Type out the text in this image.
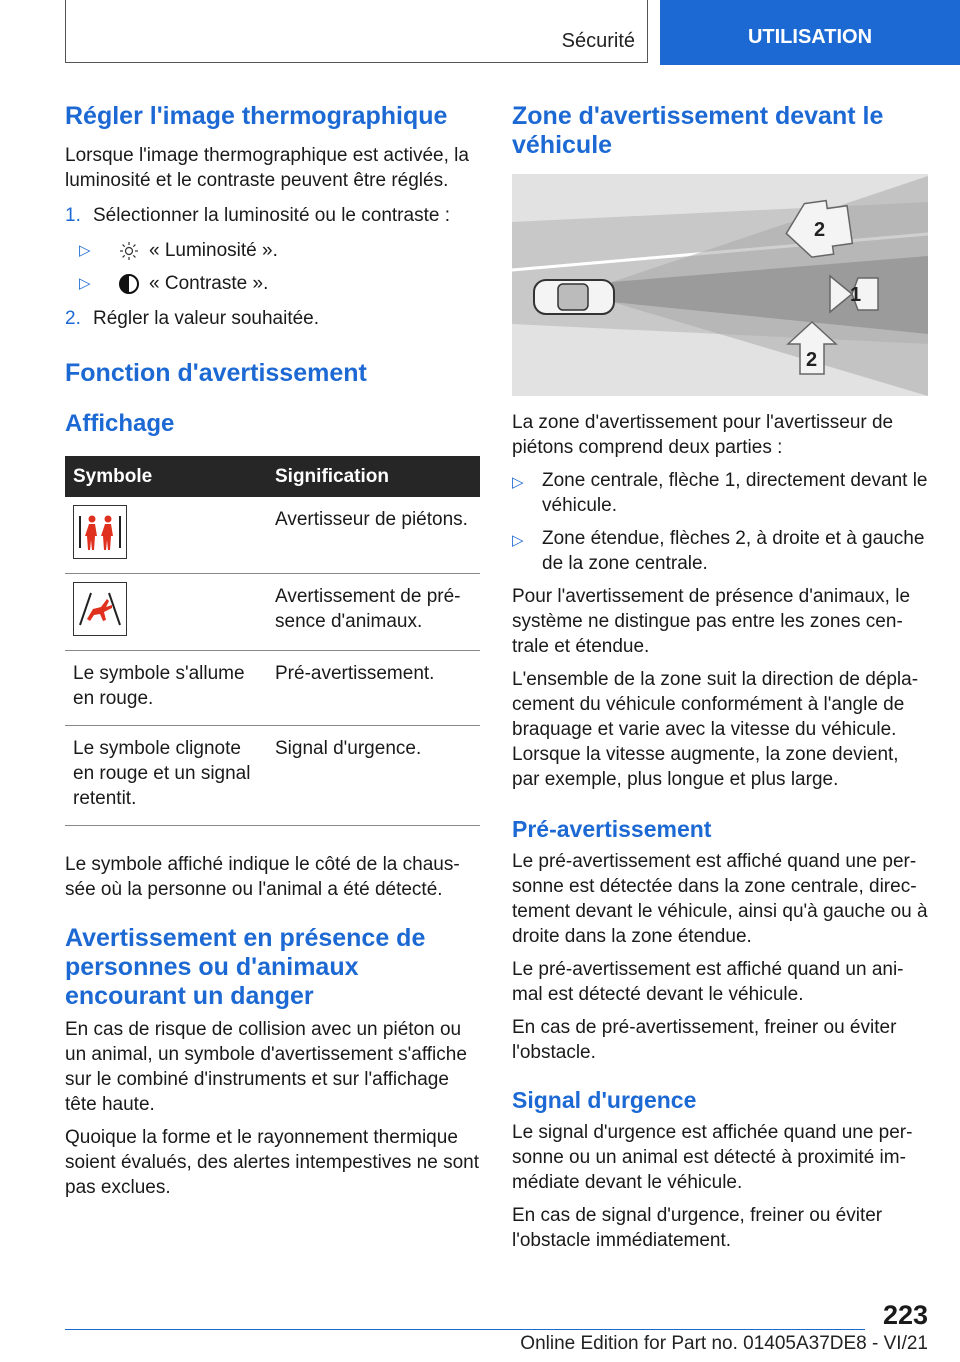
Sécurité	UTILISATION
Régler l'image thermographique

Lorsque l'image thermographique est activée, la luminosité et le contraste peuvent être réglés.

1. Sélectionner la luminosité ou le contraste :
▷	« Luminosité ».
▷	« Contraste ».
2. Régler la valeur souhaitée.
Fonction d'avertissement
Affichage
Symbole	Signification

	Avertisseur de piétons.

	Avertissement de pré- sence d'animaux.
Le symbole s'allume en rouge.	Pré-avertissement.
Le symbole clignote en rouge et un signal retentit.	Signal d'urgence.

Le symbole affiché indique le côté de la chaus- sée où la personne ou l'animal a été détecté.

Avertissement en présence de personnes ou d'animaux encourant un danger

En cas de risque de collision avec un piéton ou un animal, un symbole d'avertissement s'affiche sur le combiné d'instruments et sur l'affichage tête haute.

Quoique la forme et le rayonnement thermique soient évalués, des alertes intempestives ne sont pas exclues.

Zone d'avertissement devant le véhicule
2
1
2

La zone d'avertissement pour l'avertisseur de piétons comprend deux parties :

▷ Zone centrale, flèche 1, directement devant le véhicule.
▷ Zone étendue, flèches 2, à droite et à gauche de la zone centrale.

Pour l'avertissement de présence d'animaux, le système ne distingue pas entre les zones cen- trale et étendue.

L'ensemble de la zone suit la direction de dépla- cement du véhicule conformément à l'angle de braquage et varie avec la vitesse du véhicule. Lorsque la vitesse augmente, la zone devient, par exemple, plus longue et plus large.

Pré-avertissement

Le pré-avertissement est affiché quand une per- sonne est détectée dans la zone centrale, direc- tement devant le véhicule, ainsi qu'à gauche ou à droite dans la zone étendue.

Le pré-avertissement est affiché quand un ani- mal est détecté devant le véhicule.

En cas de pré-avertissement, freiner ou éviter l'obstacle.

Signal d'urgence

Le signal d'urgence est affichée quand une per- sonne ou un animal est détecté à proximité im- médiate devant le véhicule.

En cas de signal d'urgence, freiner ou éviter l'obstacle immédiatement.

223
Online Edition for Part no. 01405A37DE8 - VI/21
